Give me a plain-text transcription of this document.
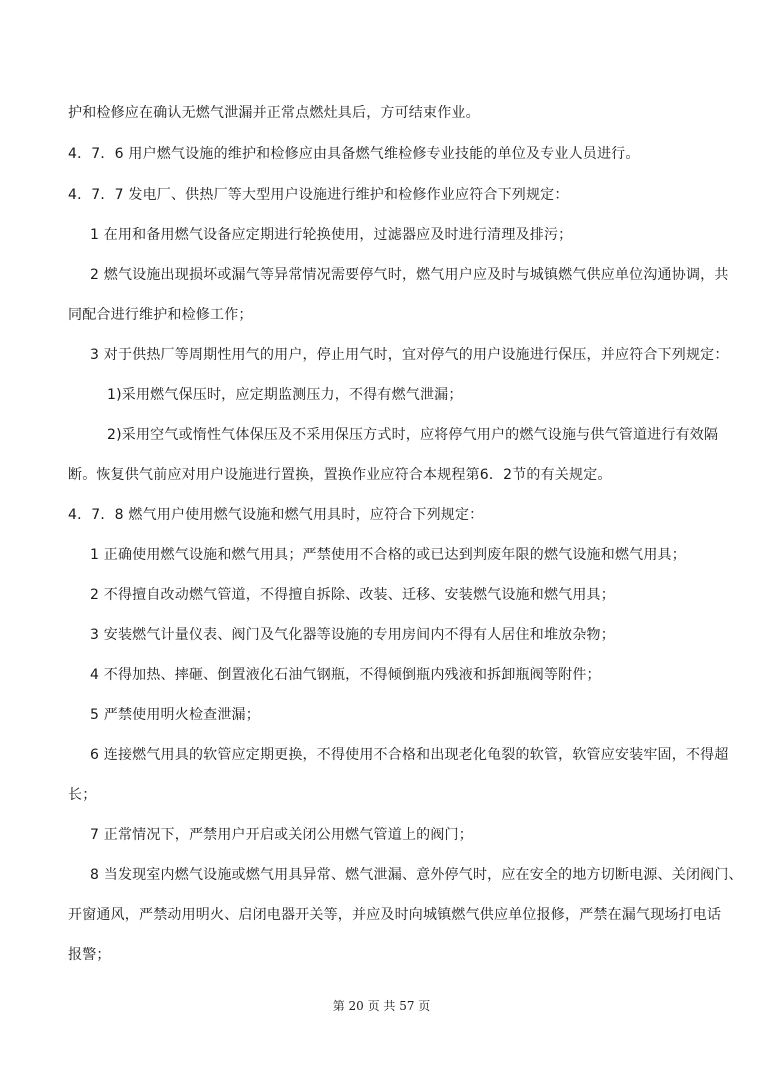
护和检修应在确认无燃气泄漏并正常点燃灶具后，方可结束作业。
4．7．6 用户燃气设施的维护和检修应由具备燃气维检修专业技能的单位及专业人员进行。
4．7．7 发电厂、供热厂等大型用户设施进行维护和检修作业应符合下列规定：
1 在用和备用燃气设备应定期进行轮换使用，过滤器应及时进行清理及排污；
2 燃气设施出现损坏或漏气等异常情况需要停气时，燃气用户应及时与城镇燃气供应单位沟通协调，共
同配合进行维护和检修工作；
3 对于供热厂等周期性用气的用户，停止用气时，宜对停气的用户设施进行保压，并应符合下列规定：
1)采用燃气保压时，应定期监测压力，不得有燃气泄漏；
2)采用空气或惰性气体保压及不采用保压方式时，应将停气用户的燃气设施与供气管道进行有效隔
断。恢复供气前应对用户设施进行置换，置换作业应符合本规程第6．2节的有关规定。
4．7．8 燃气用户使用燃气设施和燃气用具时，应符合下列规定：
1 正确使用燃气设施和燃气用具；严禁使用不合格的或已达到判废年限的燃气设施和燃气用具；
2 不得擅自改动燃气管道，不得擅自拆除、改装、迁移、安装燃气设施和燃气用具；
3 安装燃气计量仪表、阀门及气化器等设施的专用房间内不得有人居住和堆放杂物；
4 不得加热、摔砸、倒置液化石油气钢瓶，不得倾倒瓶内残液和拆卸瓶阀等附件；
5 严禁使用明火检查泄漏；
6 连接燃气用具的软管应定期更换，不得使用不合格和出现老化龟裂的软管，软管应安装牢固，不得超
长；
7 正常情况下，严禁用户开启或关闭公用燃气管道上的阀门；
8 当发现室内燃气设施或燃气用具异常、燃气泄漏、意外停气时，应在安全的地方切断电源、关闭阀门、
开窗通风，严禁动用明火、启闭电器开关等，并应及时向城镇燃气供应单位报修，严禁在漏气现场打电话
报警；
第 20 页 共 57 页
